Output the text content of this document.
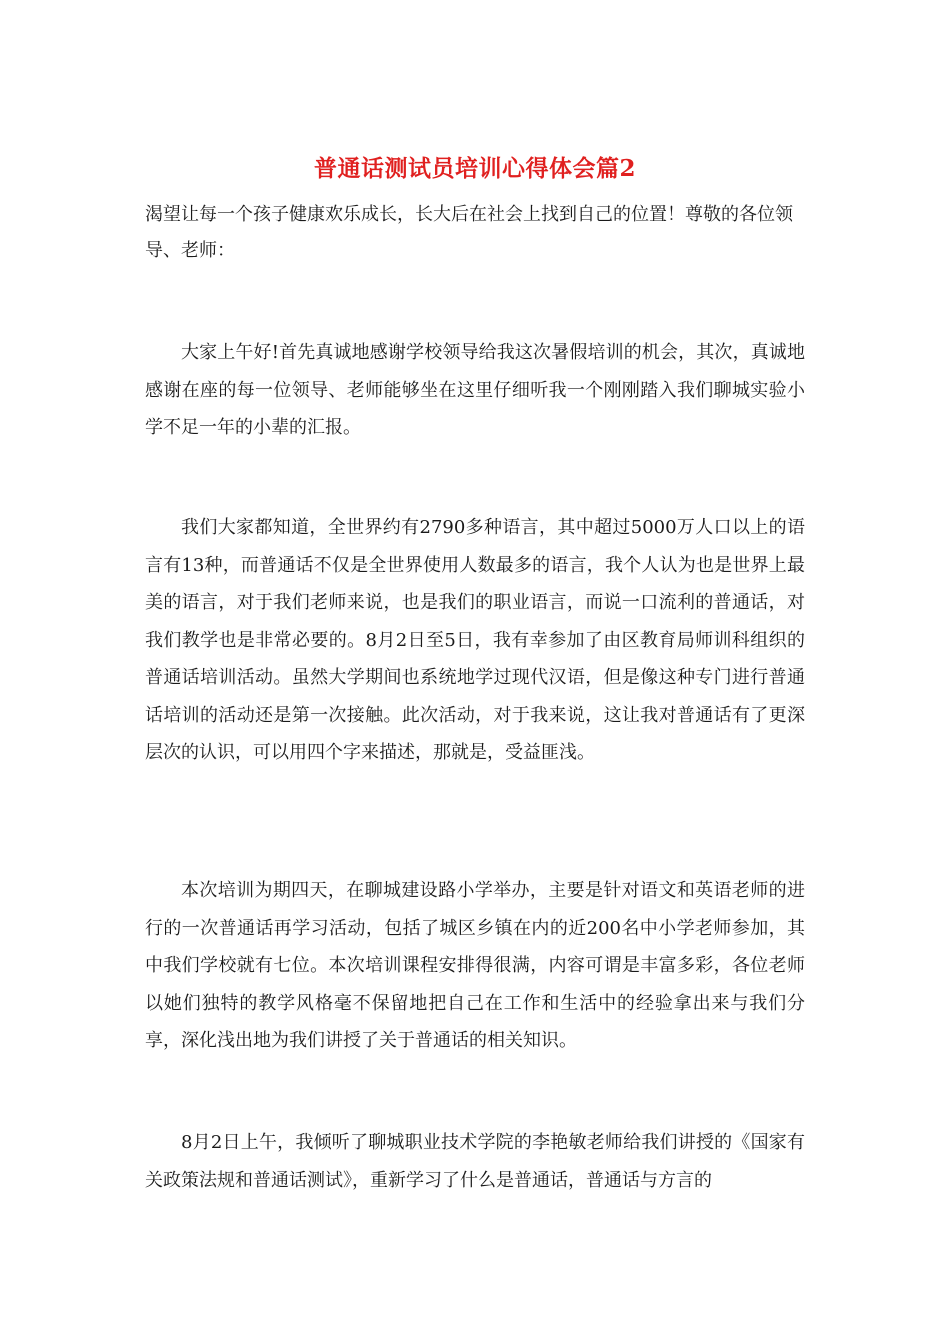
普通话测试员培训心得体会篇2
渴望让每一个孩子健康欢乐成长，长大后在社会上找到自己的位置！尊敬的各位领导、老师：
大家上午好!首先真诚地感谢学校领导给我这次暑假培训的机会，其次，真诚地感谢在座的每一位领导、老师能够坐在这里仔细听我一个刚刚踏入我们聊城实验小学不足一年的小辈的汇报。
我们大家都知道，全世界约有2790多种语言，其中超过5000万人口以上的语言有13种，而普通话不仅是全世界使用人数最多的语言，我个人认为也是世界上最美的语言，对于我们老师来说，也是我们的职业语言，而说一口流利的普通话，对我们教学也是非常必要的。8月2日至5日，我有幸参加了由区教育局师训科组织的普通话培训活动。虽然大学期间也系统地学过现代汉语，但是像这种专门进行普通话培训的活动还是第一次接触。此次活动，对于我来说，这让我对普通话有了更深层次的认识，可以用四个字来描述，那就是，受益匪浅。
本次培训为期四天，在聊城建设路小学举办，主要是针对语文和英语老师的进行的一次普通话再学习活动，包括了城区乡镇在内的近200名中小学老师参加，其中我们学校就有七位。本次培训课程安排得很满，内容可谓是丰富多彩，各位老师以她们独特的教学风格毫不保留地把自己在工作和生活中的经验拿出来与我们分享，深化浅出地为我们讲授了关于普通话的相关知识。
8月2日上午，我倾听了聊城职业技术学院的李艳敏老师给我们讲授的《国家有关政策法规和普通话测试》，重新学习了什么是普通话，普通话与方言的
